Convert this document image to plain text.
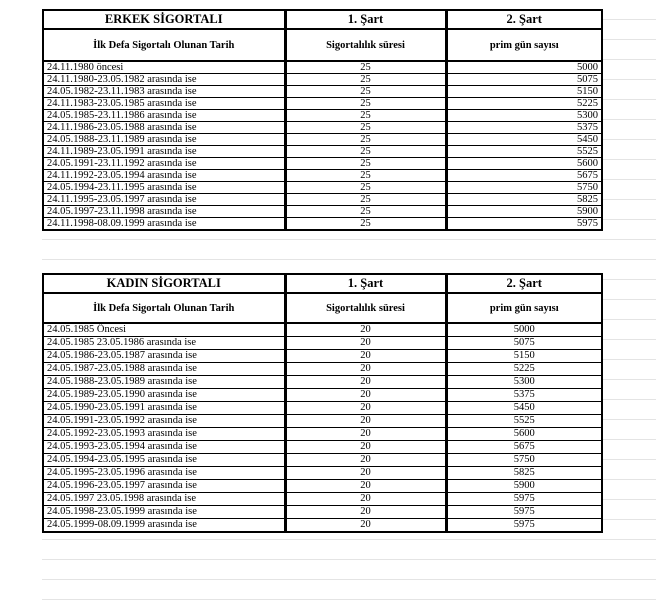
ERKEK SİGORTALI	1. Şart	2. Şart
İlk Defa Sigortalı Olunan Tarih	Sigortalılık süresi	prim gün sayısı
24.11.1980 öncesi	25	5000
24.11.1980-23.05.1982 arasında ise	25	5075
24.05.1982-23.11.1983 arasında ise	25	5150
24.11.1983-23.05.1985 arasında ise	25	5225
24.05.1985-23.11.1986 arasında ise	25	5300
24.11.1986-23.05.1988 arasında ise	25	5375
24.05.1988-23.11.1989 arasında ise	25	5450
24.11.1989-23.05.1991 arasında ise	25	5525
24.05.1991-23.11.1992 arasında ise	25	5600
24.11.1992-23.05.1994 arasında ise	25	5675
24.05.1994-23.11.1995 arasında ise	25	5750
24.11.1995-23.05.1997 arasında ise	25	5825
24.05.1997-23.11.1998 arasında ise	25	5900
24.11.1998-08.09.1999 arasında ise	25	5975
KADIN SİGORTALI	1. Şart	2. Şart
İlk Defa Sigortalı Olunan Tarih	Sigortalılık süresi	prim gün sayısı
24.05.1985 Öncesi	20	5000
24.05.1985 23.05.1986 arasında ise	20	5075
24.05.1986-23.05.1987 arasında ise	20	5150
24.05.1987-23.05.1988 arasında ise	20	5225
24.05.1988-23.05.1989 arasında ise	20	5300
24.05.1989-23.05.1990 arasında ise	20	5375
24.05.1990-23.05.1991 arasında ise	20	5450
24.05.1991-23.05.1992 arasında ise	20	5525
24.05.1992-23.05.1993 arasında ise	20	5600
24.05.1993-23.05.1994 arasında ise	20	5675
24.05.1994-23.05.1995 arasında ise	20	5750
24.05.1995-23.05.1996 arasında ise	20	5825
24.05.1996-23.05.1997 arasında ise	20	5900
24.05.1997 23.05.1998 arasında ise	20	5975
24.05.1998-23.05.1999 arasında ise	20	5975
24.05.1999-08.09.1999 arasında ise	20	5975
